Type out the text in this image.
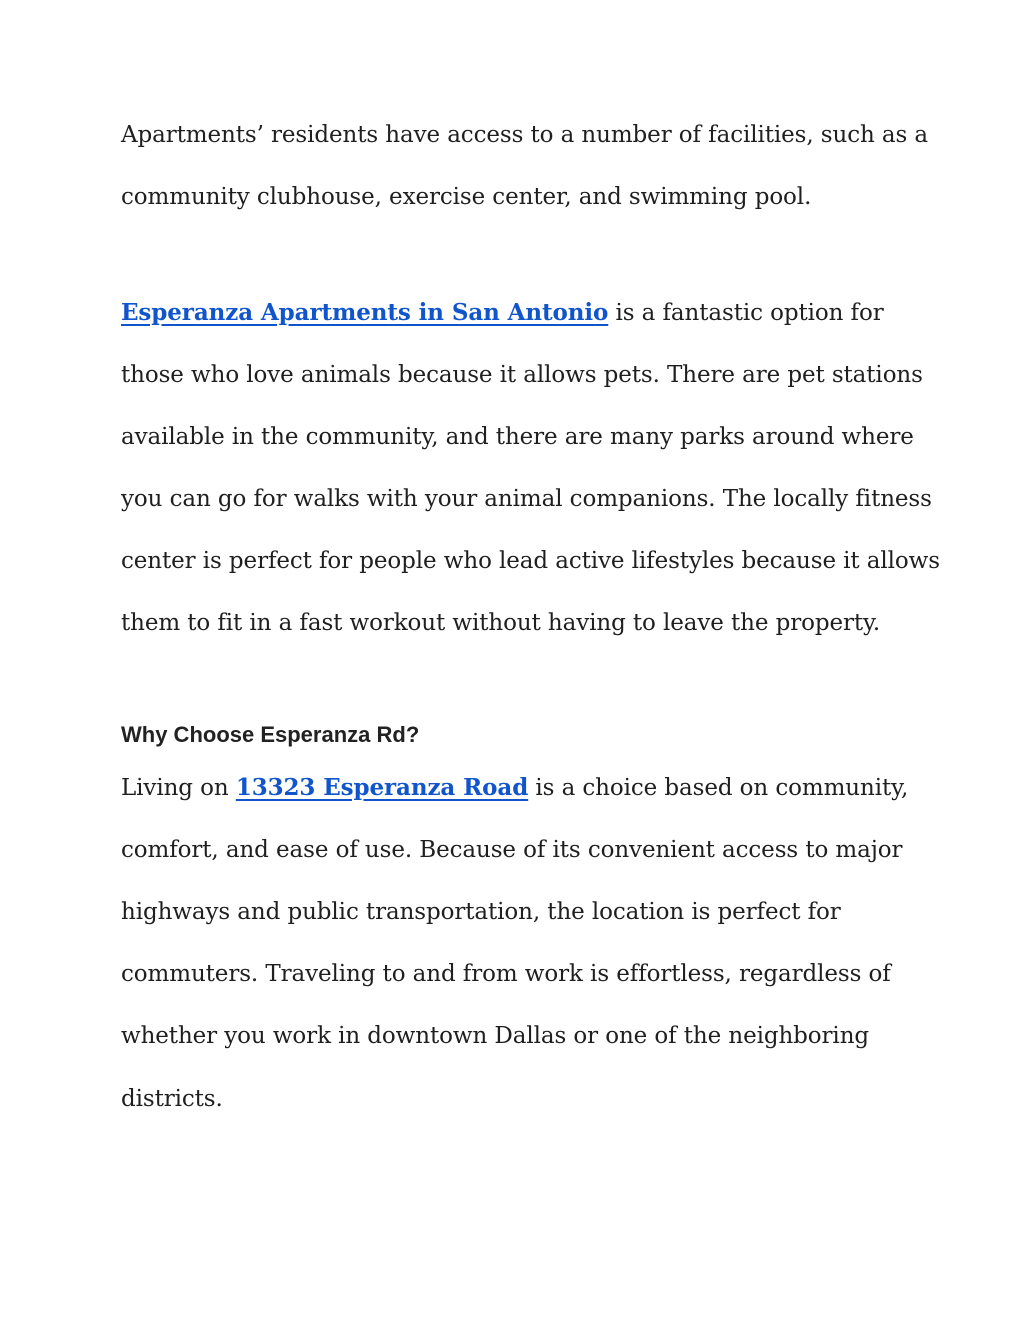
Apartments’ residents have access to a number of facilities, such as a

community clubhouse, exercise center, and swimming pool.

Esperanza Apartments in San Antonio is a fantastic option for

those who love animals because it allows pets. There are pet stations

available in the community, and there are many parks around where

you can go for walks with your animal companions. The locally fitness

center is perfect for people who lead active lifestyles because it allows

them to fit in a fast workout without having to leave the property.

Why Choose Esperanza Rd?

Living on 13323 Esperanza Road is a choice based on community,

comfort, and ease of use. Because of its convenient access to major

highways and public transportation, the location is perfect for

commuters. Traveling to and from work is effortless, regardless of

whether you work in downtown Dallas or one of the neighboring

districts.
